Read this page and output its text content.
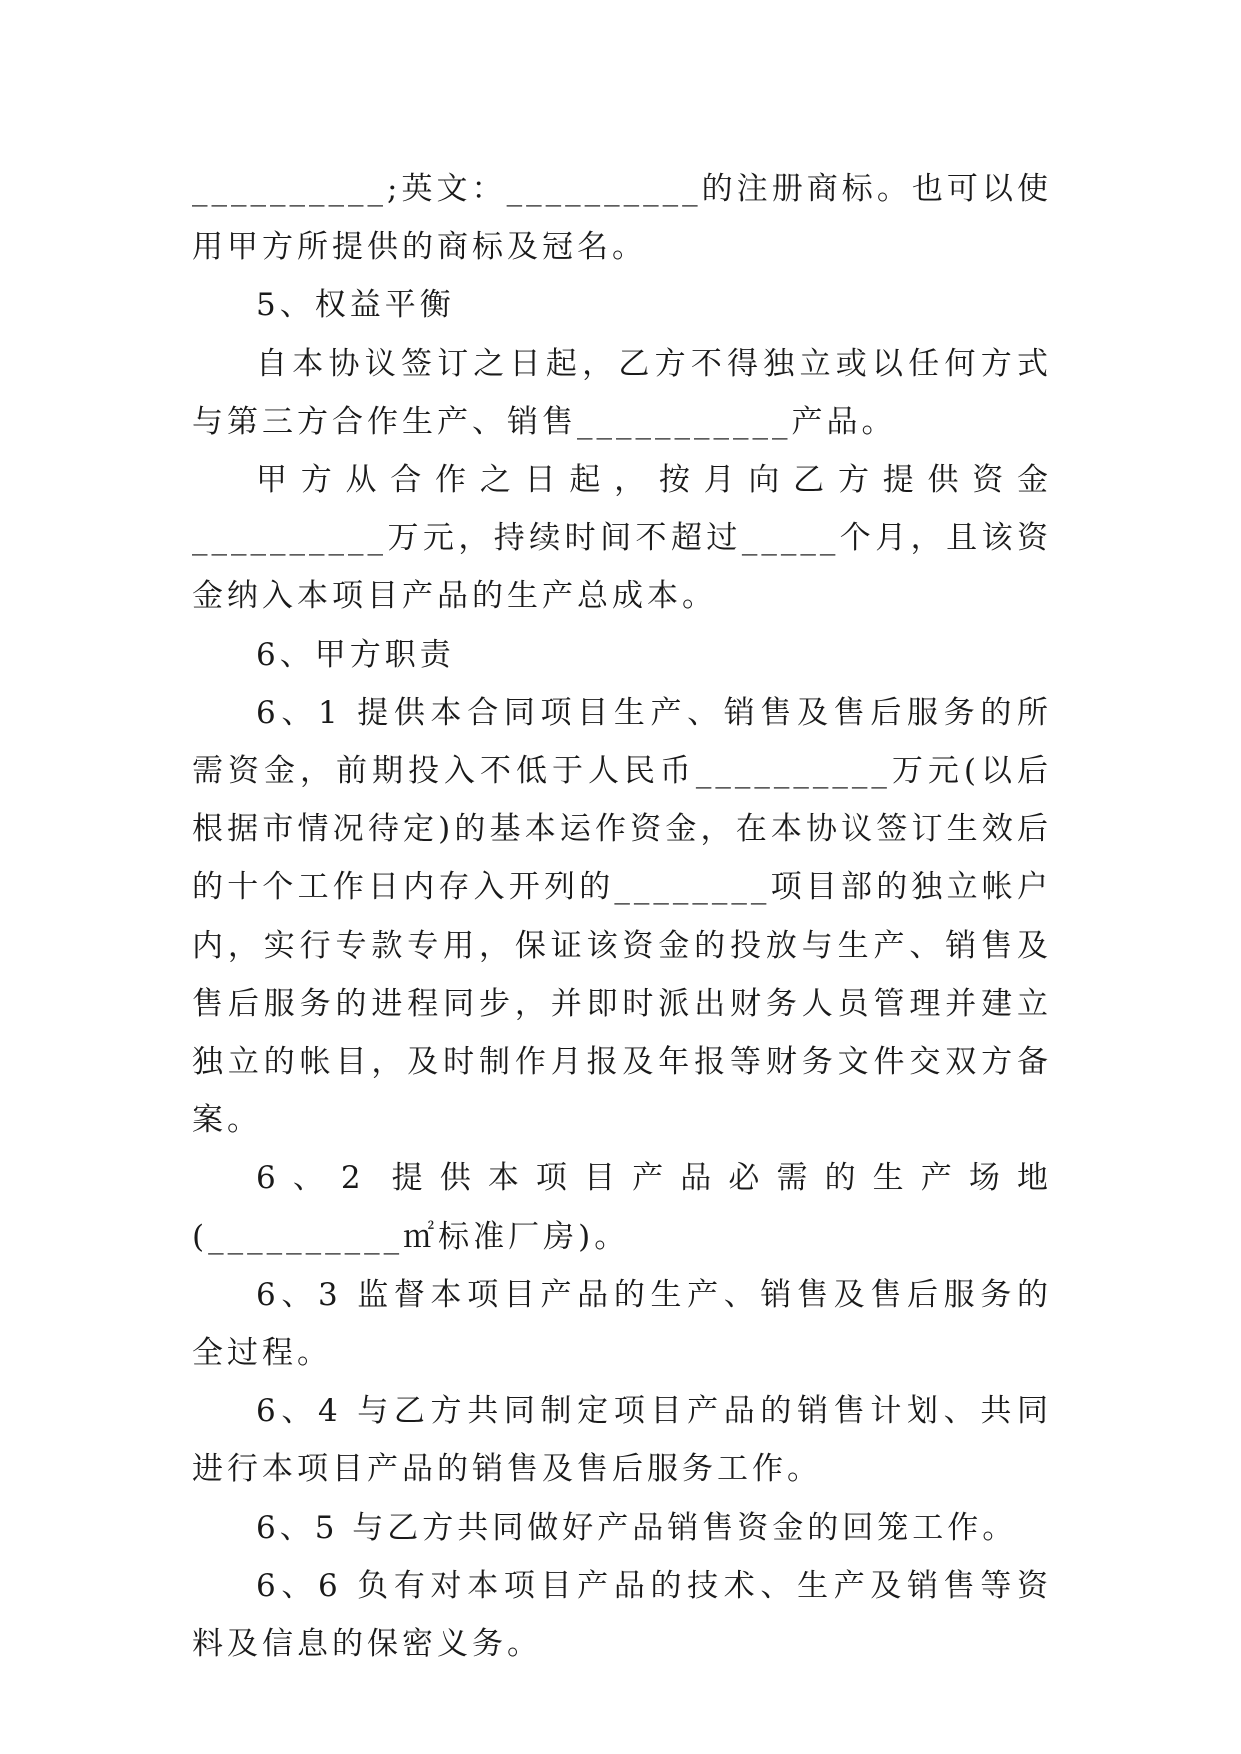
__________;英文：__________的注册商标。也可以使用甲方所提供的商标及冠名。

5、权益平衡

自本协议签订之日起，乙方不得独立或以任何方式与第三方合作生产、销售___________产品。

甲方从合作之日起，按月向乙方提供资金__________万元，持续时间不超过_____个月，且该资金纳入本项目产品的生产总成本。

6、甲方职责

6、1 提供本合同项目生产、销售及售后服务的所需资金，前期投入不低于人民币__________万元(以后根据市情况待定)的基本运作资金，在本协议签订生效后的十个工作日内存入开列的________项目部的独立帐户内，实行专款专用，保证该资金的投放与生产、销售及售后服务的进程同步，并即时派出财务人员管理并建立独立的帐目，及时制作月报及年报等财务文件交双方备案。

6、2 提供本项目产品必需的生产场地(__________㎡标准厂房)。

6、3 监督本项目产品的生产、销售及售后服务的全过程。

6、4 与乙方共同制定项目产品的销售计划、共同进行本项目产品的销售及售后服务工作。

6、5 与乙方共同做好产品销售资金的回笼工作。

6、6 负有对本项目产品的技术、生产及销售等资料及信息的保密义务。
